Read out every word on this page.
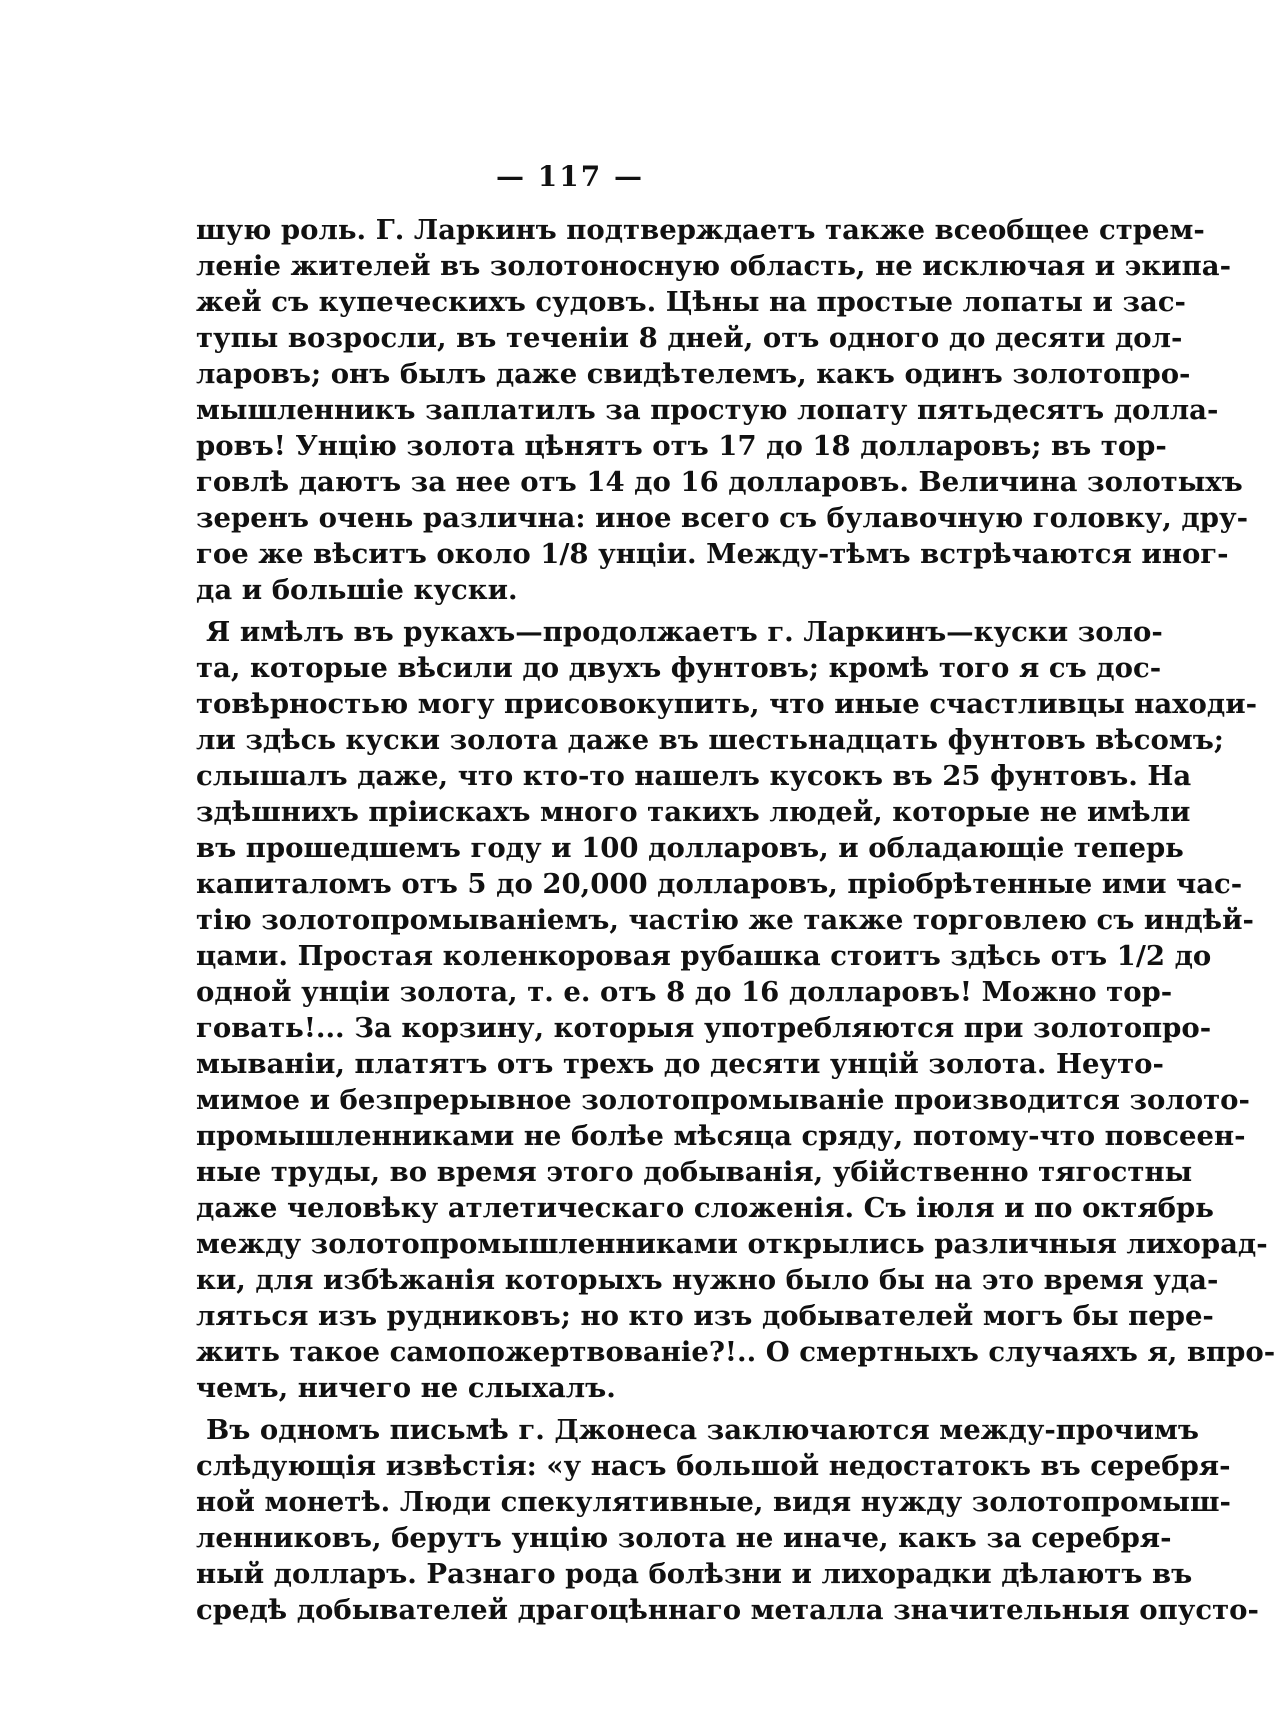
— 117 —
шую роль. Г. Ларкинъ подтверждаетъ также всеобщее стрем-
леніе жителей въ золотоносную область, не исключая и экипа-
жей съ купеческихъ судовъ. Цѣны на простые лопаты и зас-
тупы возросли, въ теченіи 8 дней, отъ одного до десяти дол-
ларовъ; онъ былъ даже свидѣтелемъ, какъ одинъ золотопро-
мышленникъ заплатилъ за простую лопату пятьдесятъ долла-
ровъ! Унцію золота цѣнятъ отъ 17 до 18 долларовъ; въ тор-
говлѣ даютъ за нее отъ 14 до 16 долларовъ. Величина золотыхъ
зеренъ очень различна: иное всего съ булавочную головку, дру-
гое же вѣситъ около 1/8 унціи. Между-тѣмъ встрѣчаются иног-
да и большіе куски.
Я имѣлъ въ рукахъ—продолжаетъ г. Ларкинъ—куски золо-
та, которые вѣсили до двухъ фунтовъ; кромѣ того я съ дос-
товѣрностью могу присовокупить, что иные счастливцы находи-
ли здѣсь куски золота даже въ шестьнадцать фунтовъ вѣсомъ;
слышалъ даже, что кто-то нашелъ кусокъ въ 25 фунтовъ. На
здѣшнихъ пріискахъ много такихъ людей, которые не имѣли
въ прошедшемъ году и 100 долларовъ, и обладающіе теперь
капиталомъ отъ 5 до 20,000 долларовъ, пріобрѣтенные ими час-
тію золотопромываніемъ, частію же также торговлею съ индѣй-
цами. Простая коленкоровая рубашка стоитъ здѣсь отъ 1/2 до
одной унціи золота, т. е. отъ 8 до 16 долларовъ! Можно тор-
говать!... За корзину, которыя употребляются при золотопро-
мываніи, платятъ отъ трехъ до десяти унцій золота. Неуто-
мимое и безпрерывное золотопромываніе производится золото-
промышленниками не болѣе мѣсяца сряду, потому-что повсеен-
ные труды, во время этого добыванія, убійственно тягостны
даже человѣку атлетическаго сложенія. Съ іюля и по октябрь
между золотопромышленниками открылись различныя лихорад-
ки, для избѣжанія которыхъ нужно было бы на это время уда-
ляться изъ рудниковъ; но кто изъ добывателей могъ бы пере-
жить такое самопожертвованіе?!.. О смертныхъ случаяхъ я, впро-
чемъ, ничего не слыхалъ.
Въ одномъ письмѣ г. Джонеса заключаются между-прочимъ
слѣдующія извѣстія: «у насъ большой недостатокъ въ серебря-
ной монетѣ. Люди спекулятивные, видя нужду золотопромыш-
ленниковъ, берутъ унцію золота не иначе, какъ за серебря-
ный долларъ. Разнаго рода болѣзни и лихорадки дѣлаютъ въ
средѣ добывателей драгоцѣннаго металла значительныя опусто-
